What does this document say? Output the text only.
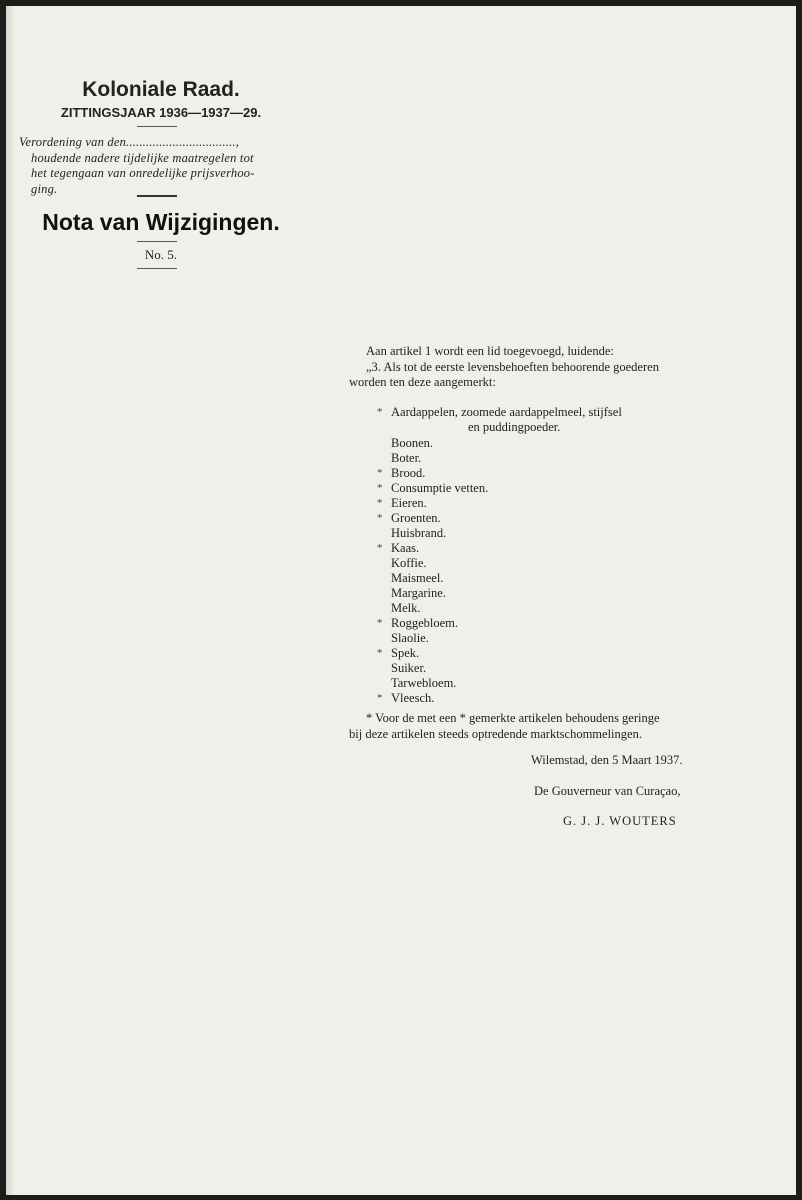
Koloniale Raad.
ZITTINGSJAAR 1936—1937—29.
Verordening van den.................................,
houdende nadere tijdelijke maatregelen tot
het tegengaan van onredelijke prijsverhoo-
ging.
Nota van Wijzigingen.
No. 5.
Aan artikel 1 wordt een lid toegevoegd, luidende:
„3. Als tot de eerste levensbehoeften behoorende goederen
worden ten deze aangemerkt:
* Aardappelen, zoomede aardappelmeel, stijfsel
en puddingpoeder.
Boonen.
Boter.
* Brood.
* Consumptie vetten.
* Eieren.
* Groenten.
Huisbrand.
* Kaas.
Koffie.
Maismeel.
Margarine.
Melk.
* Roggebloem.
Slaolie.
* Spek.
Suiker.
Tarwebloem.
* Vleesch.
* Voor de met een * gemerkte artikelen behoudens geringe
bij deze artikelen steeds optredende marktschommelingen.
Wilemstad, den 5 Maart 1937.
De Gouverneur van Curaçao,
G. J. J. WOUTERS
